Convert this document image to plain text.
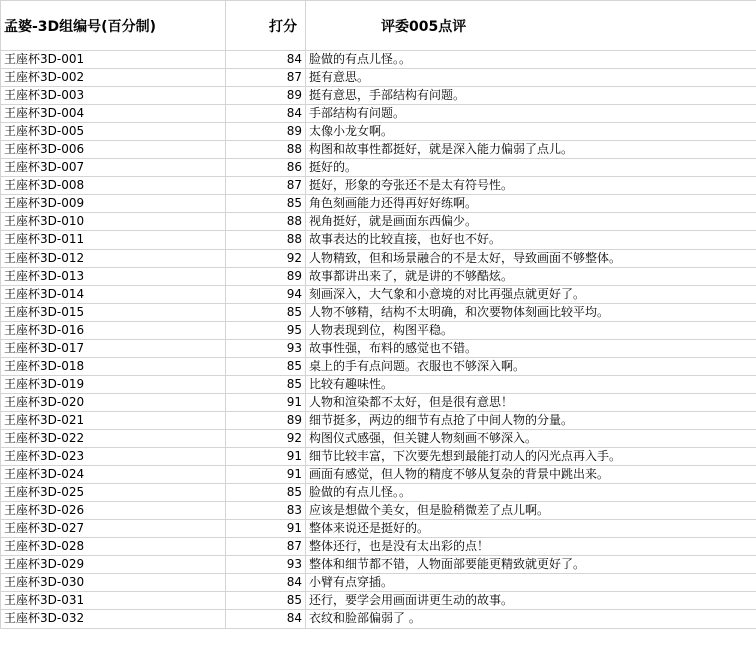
孟婆-3D组编号(百分制)	打分	评委005点评
王座杯3D-001	84	脸做的有点儿怪。。
王座杯3D-002	87	挺有意思。
王座杯3D-003	89	挺有意思，手部结构有问题。
王座杯3D-004	84	手部结构有问题。
王座杯3D-005	89	太像小龙女啊。
王座杯3D-006	88	构图和故事性都挺好，就是深入能力偏弱了点儿。
王座杯3D-007	86	挺好的。
王座杯3D-008	87	挺好，形象的夸张还不是太有符号性。
王座杯3D-009	85	角色刻画能力还得再好好练啊。
王座杯3D-010	88	视角挺好，就是画面东西偏少。
王座杯3D-011	88	故事表达的比较直接，也好也不好。
王座杯3D-012	92	人物精致，但和场景融合的不是太好，导致画面不够整体。
王座杯3D-013	89	故事都讲出来了，就是讲的不够酷炫。
王座杯3D-014	94	刻画深入，大气象和小意境的对比再强点就更好了。
王座杯3D-015	85	人物不够精，结构不太明确，和次要物体刻画比较平均。
王座杯3D-016	95	人物表现到位，构图平稳。
王座杯3D-017	93	故事性强，布料的感觉也不错。
王座杯3D-018	85	桌上的手有点问题。衣服也不够深入啊。
王座杯3D-019	85	比较有趣味性。
王座杯3D-020	91	人物和渲染都不太好，但是很有意思！
王座杯3D-021	89	细节挺多，两边的细节有点抢了中间人物的分量。
王座杯3D-022	92	构图仪式感强，但关键人物刻画不够深入。
王座杯3D-023	91	细节比较丰富，下次要先想到最能打动人的闪光点再入手。
王座杯3D-024	91	画面有感觉，但人物的精度不够从复杂的背景中跳出来。
王座杯3D-025	85	脸做的有点儿怪。。
王座杯3D-026	83	应该是想做个美女，但是脸稍微差了点儿啊。
王座杯3D-027	91	整体来说还是挺好的。
王座杯3D-028	87	整体还行，也是没有太出彩的点！
王座杯3D-029	93	整体和细节都不错，人物面部要能更精致就更好了。
王座杯3D-030	84	小臂有点穿插。
王座杯3D-031	85	还行，要学会用画面讲更生动的故事。
王座杯3D-032	84	衣纹和脸部偏弱了 。
